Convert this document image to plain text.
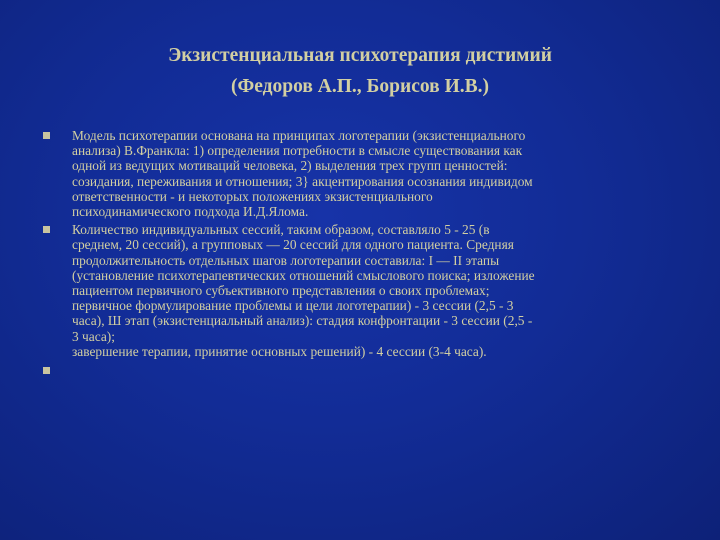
Экзистенциальная психотерапия дистимий
(Федоров А.П., Борисов И.В.)
Модель психотерапии основана на принципах логотерапии (экзистенциального
анализа) В.Франкла: 1) определения потребности в смысле существования как
одной из ведущих мотиваций человека, 2) выделения трех групп ценностей:
созидания, переживания и отношения; 3} акцентирования осознания индивидом
ответственности - и некоторых положениях экзистенциального
психодинамического подхода И.Д.Ялома.
Количество индивидуальных сессий, таким образом, составляло 5 - 25 (в
среднем, 20 сессий), а групповых — 20 сессий для одного пациента. Средняя
продолжительность отдельных шагов логотерапии составила: I — II этапы
(установление психотерапевтических отношений смыслового поиска; изложение
пациентом первичного субъективного представления о своих проблемах;
первичное формулирование проблемы и цели логотерапии) - 3 сессии (2,5 - 3
часа), Ш этап (экзистенциальный анализ): стадия конфронтации - 3 сессии (2,5 -
3 часа);
завершение терапии, принятие основных решений) - 4 сессии (3-4 часа).
